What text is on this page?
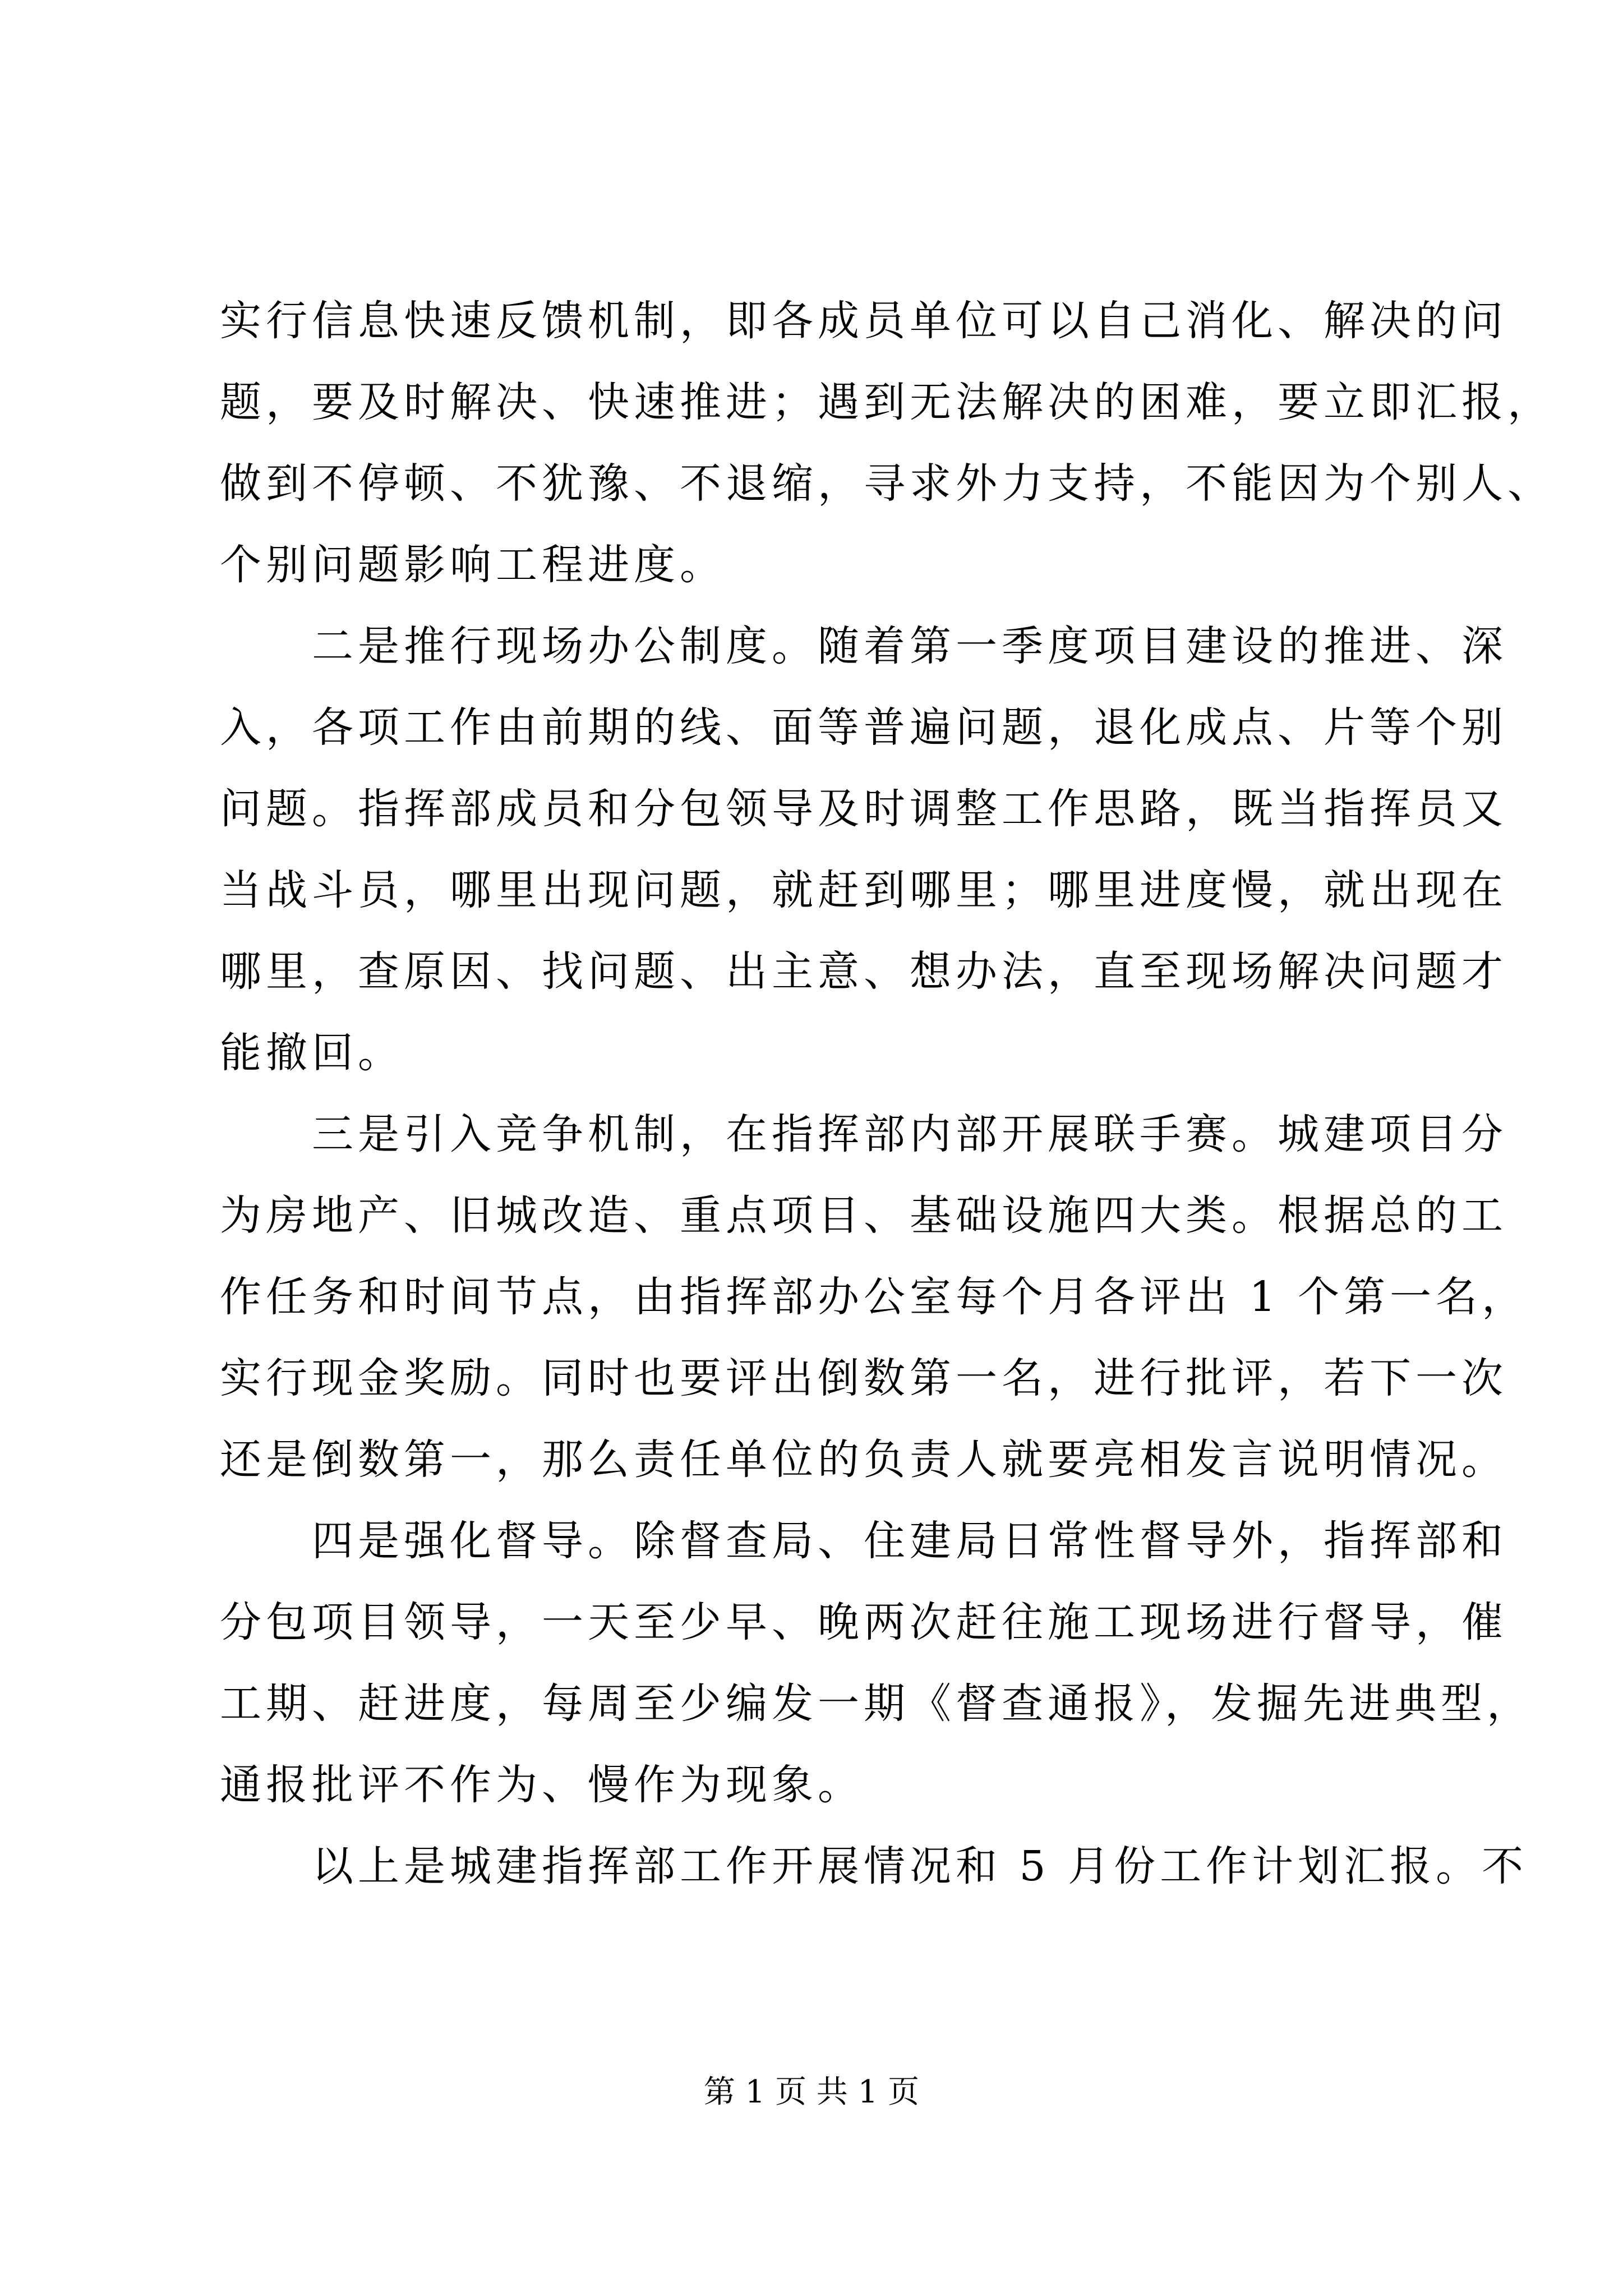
实行信息快速反馈机制，即各成员单位可以自己消化、解决的问
题，要及时解决、快速推进；遇到无法解决的困难，要立即汇报，
做到不停顿、不犹豫、不退缩，寻求外力支持，不能因为个别人、
个别问题影响工程进度。
　　二是推行现场办公制度。随着第一季度项目建设的推进、深
入，各项工作由前期的线、面等普遍问题，退化成点、片等个别
问题。指挥部成员和分包领导及时调整工作思路，既当指挥员又
当战斗员，哪里出现问题，就赶到哪里；哪里进度慢，就出现在
哪里，查原因、找问题、出主意、想办法，直至现场解决问题才
能撤回。
　　三是引入竞争机制，在指挥部内部开展联手赛。城建项目分
为房地产、旧城改造、重点项目、基础设施四大类。根据总的工
作任务和时间节点，由指挥部办公室每个月各评出 1 个第一名，
实行现金奖励。同时也要评出倒数第一名，进行批评，若下一次
还是倒数第一，那么责任单位的负责人就要亮相发言说明情况。
　　四是强化督导。除督查局、住建局日常性督导外，指挥部和
分包项目领导，一天至少早、晚两次赶往施工现场进行督导，催
工期、赶进度，每周至少编发一期《督查通报》，发掘先进典型，
通报批评不作为、慢作为现象。
　　以上是城建指挥部工作开展情况和 5 月份工作计划汇报。不
第 1 页 共 1 页
